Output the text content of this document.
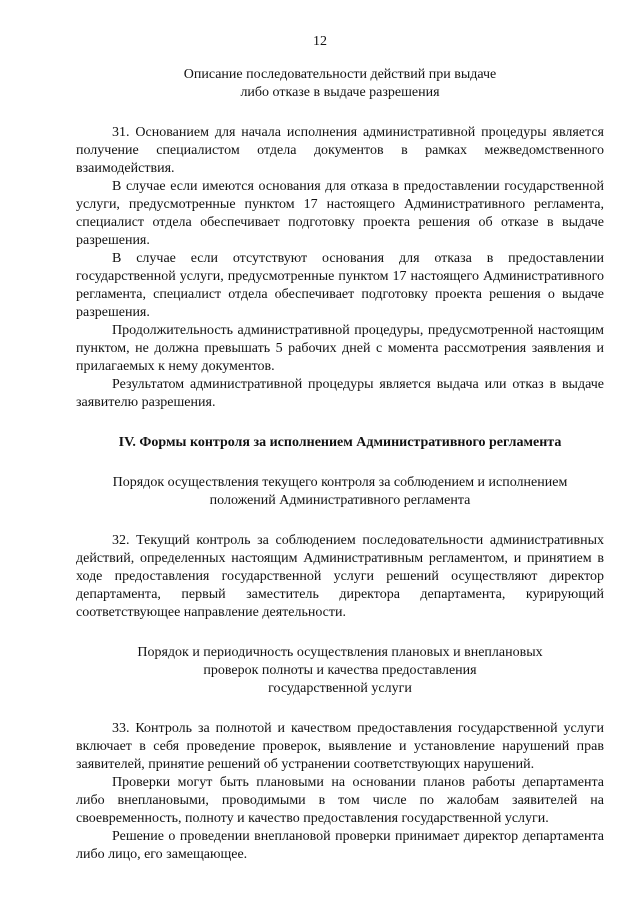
12
Описание последовательности действий при выдаче
либо отказе в выдаче разрешения

31. Основанием для начала исполнения административной процедуры является получение специалистом отдела документов в рамках межведомственного взаимодействия.

В случае если имеются основания для отказа в предоставлении государственной услуги, предусмотренные пунктом 17 настоящего Административного регламента, специалист отдела обеспечивает подготовку проекта решения об отказе в выдаче разрешения.

В случае если отсутствуют основания для отказа в предоставлении государственной услуги, предусмотренные пунктом 17 настоящего Административного регламента, специалист отдела обеспечивает подготовку проекта решения о выдаче разрешения.

Продолжительность административной процедуры, предусмотренной настоящим пунктом, не должна превышать 5 рабочих дней с момента рассмотрения заявления и прилагаемых к нему документов.

Результатом административной процедуры является выдача или отказ в выдаче заявителю разрешения.

IV. Формы контроля за исполнением Административного регламента
Порядок осуществления текущего контроля за соблюдением и исполнением
положений Административного регламента

32. Текущий контроль за соблюдением последовательности административных действий, определенных настоящим Административным регламентом, и принятием в ходе предоставления государственной услуги решений осуществляют директор департамента, первый заместитель директора департамента, курирующий соответствующее направление деятельности.

Порядок и периодичность осуществления плановых и внеплановых
проверок полноты и качества предоставления
государственной услуги

33. Контроль за полнотой и качеством предоставления государственной услуги включает в себя проведение проверок, выявление и установление нарушений прав заявителей, принятие решений об устранении соответствующих нарушений.

Проверки могут быть плановыми на основании планов работы департамента либо внеплановыми, проводимыми в том числе по жалобам заявителей на своевременность, полноту и качество предоставления государственной услуги.

Решение о проведении внеплановой проверки принимает директор департамента либо лицо, его замещающее.
